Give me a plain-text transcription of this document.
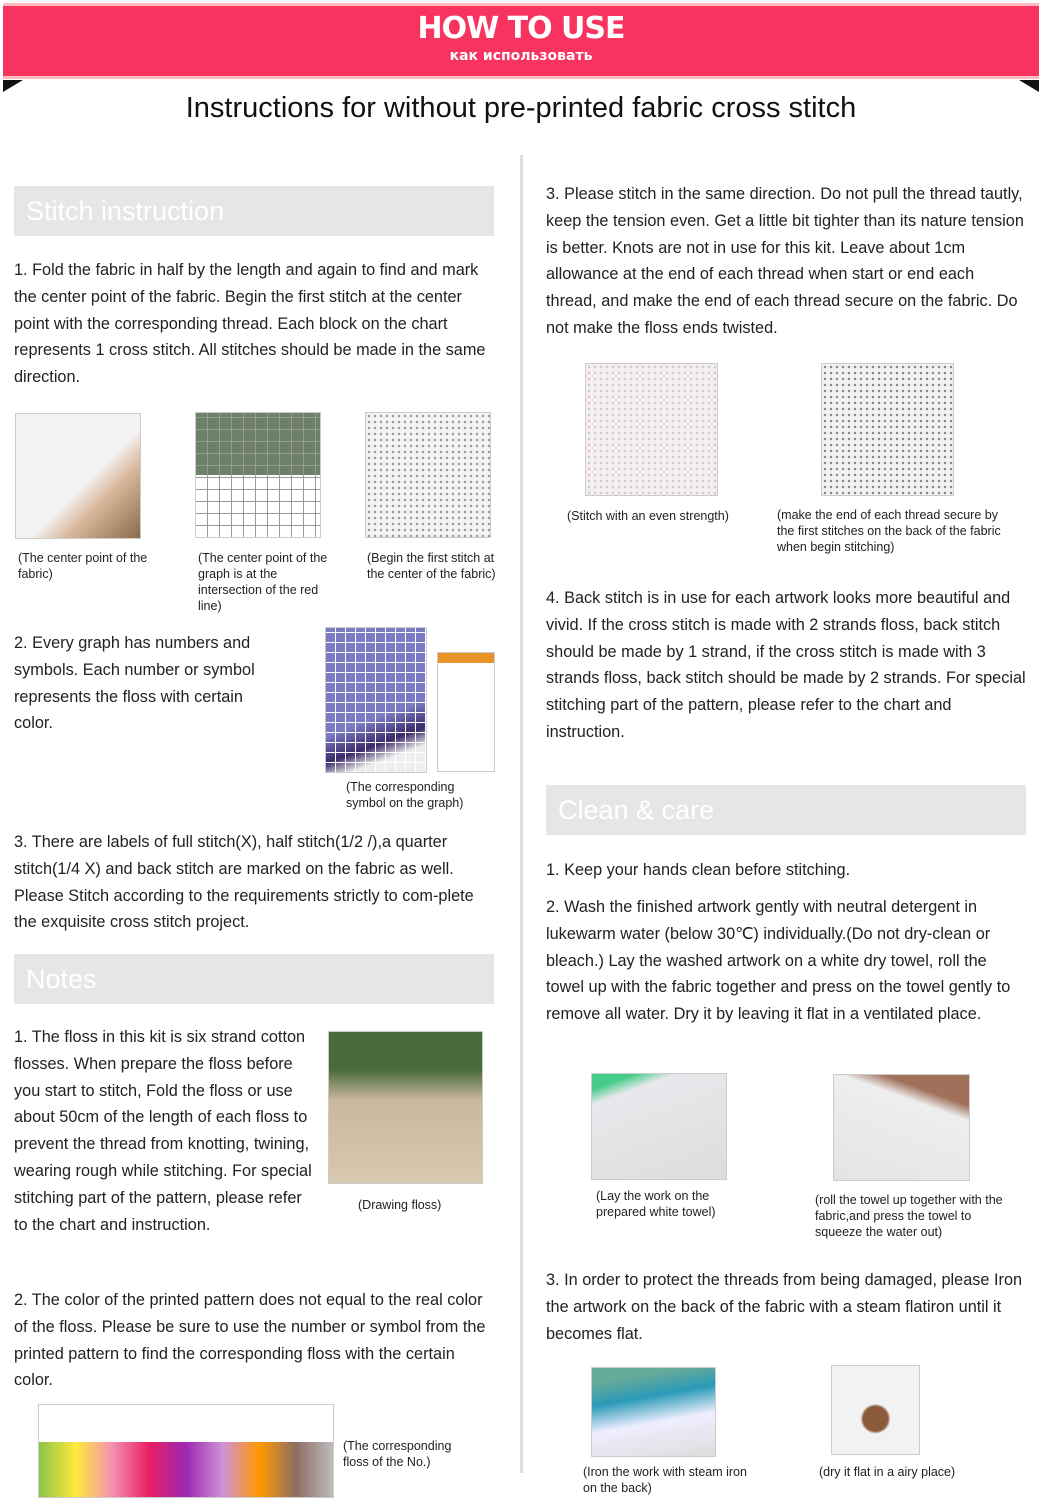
HOW TO USE
как использовать
Instructions for without pre-printed fabric cross stitch
Stitch instruction
1. Fold the fabric in half by the length and again to find and mark the center point of the fabric. Begin the first stitch at the center point with the corresponding thread. Each block on the chart represents 1 cross stitch. All stitches should be made in the same direction.
(The center point of the fabric)
(The center point of the graph is at the intersection of the red line)
(Begin the first stitch at the center of the fabric)
2. Every graph has numbers and symbols. Each number or symbol represents the floss with certain color.
(The corresponding symbol on the graph)
3. There are labels of full stitch(X), half stitch(1/2 /),a quarter stitch(1/4 X) and back stitch are marked on the fabric as well. Please Stitch according to the requirements strictly to com-plete the exquisite cross stitch project.
Notes
1. The floss in this kit is six strand cotton flosses. When prepare the floss before you start to stitch, Fold the floss or use about 50cm of the length of each floss to prevent the thread from knotting, twining, wearing rough while stitching. For special stitching part of the pattern, please refer to the chart and instruction.
(Drawing floss)
2. The color of the printed pattern does not equal to the real color of the floss. Please be sure to use the number or symbol from the printed pattern to find the corresponding floss with the certain color.
(The corresponding floss of the No.)
3. Please stitch in the same direction. Do not pull the thread tautly, keep the tension even. Get a little bit tighter than its nature tension is better. Knots are not in use for this kit. Leave about 1cm allowance at the end of each thread when start or end each thread, and make the end of each thread secure on the fabric. Do not make the floss ends twisted.
(Stitch with an even strength)	(make the end of each thread secure by the first stitches on the back of the fabric when begin stitching)
4. Back stitch is in use for each artwork looks more beautiful and vivid. If the cross stitch is made with 2 strands floss, back stitch should be made by 1 strand, if the cross stitch is made with 3 strands floss, back stitch should be made by 2 strands. For special stitching part of the pattern, please refer to the chart and instruction.
Clean & care
1. Keep your hands clean before stitching.
2. Wash the finished artwork gently with neutral detergent in lukewarm water (below 30℃) individually.(Do not dry-clean or bleach.) Lay the washed artwork on a white dry towel, roll the towel up with the fabric together and press on the towel gently to remove all water. Dry it by leaving it flat in a ventilated place.
(Lay the work on the prepared white towel)
(roll the towel up together with the fabric,and press the towel to squeeze the water out)
3. In order to protect the threads from being damaged, please Iron the artwork on the back of the fabric with a steam flatiron until it becomes flat.
(Iron the work with steam iron on the back)
(dry it flat in a airy place)
